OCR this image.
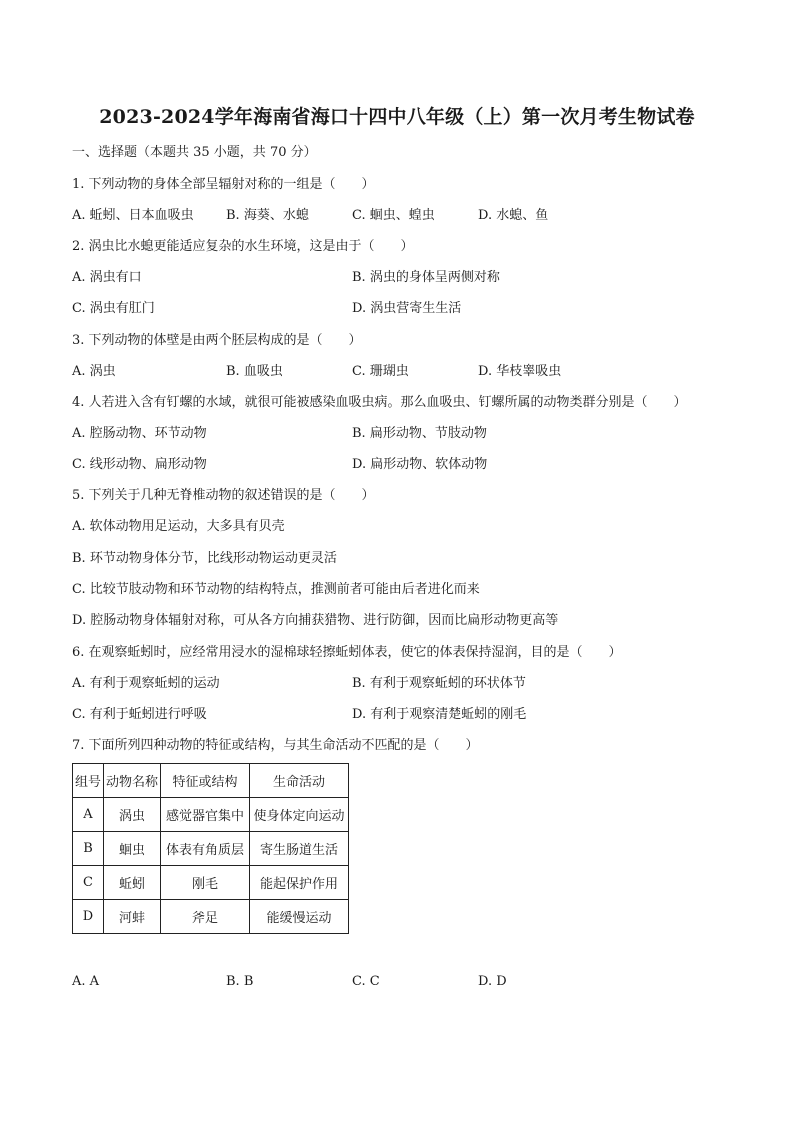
2023-2024学年海南省海口十四中八年级（上）第一次月考生物试卷
一、选择题（本题共 35 小题，共 70 分）
1. 下列动物的身体全部呈辐射对称的一组是（　　）
A. 蚯蚓、日本血吸虫 B. 海葵、水螅	C. 蛔虫、蝗虫	D. 水螅、鱼
2. 涡虫比水螅更能适应复杂的水生环境，这是由于（　　）
A. 涡虫有口	B. 涡虫的身体呈两侧对称
C. 涡虫有肛门	D. 涡虫营寄生生活
3. 下列动物的体壁是由两个胚层构成的是（　　）
A. 涡虫	B. 血吸虫	C. 珊瑚虫	D. 华枝睾吸虫
4. 人若进入含有钉螺的水域，就很可能被感染血吸虫病。那么血吸虫、钉螺所属的动物类群分别是（　　）
A. 腔肠动物、环节动物	B. 扁形动物、节肢动物
C. 线形动物、扁形动物	D. 扁形动物、软体动物
5. 下列关于几种无脊椎动物的叙述错误的是（　　）
A. 软体动物用足运动，大多具有贝壳
B. 环节动物身体分节，比线形动物运动更灵活
C. 比较节肢动物和环节动物的结构特点，推测前者可能由后者进化而来
D. 腔肠动物身体辐射对称，可从各方向捕获猎物、进行防御，因而比扁形动物更高等
6. 在观察蚯蚓时，应经常用浸水的湿棉球轻擦蚯蚓体表，使它的体表保持湿润，目的是（　　）
A. 有利于观察蚯蚓的运动	B. 有利于观察蚯蚓的环状体节
C. 有利于蚯蚓进行呼吸	D. 有利于观察清楚蚯蚓的刚毛
7. 下面所列四种动物的特征或结构，与其生命活动不匹配的是（　　）
组号	动物名称	特征或结构	生命活动
A	涡虫	感觉器官集中	使身体定向运动
B	蛔虫	体表有角质层	寄生肠道生活
C	蚯蚓	刚毛	能起保护作用
D	河蚌	斧足	能缓慢运动
A. A	B. B	C. C	D. D
